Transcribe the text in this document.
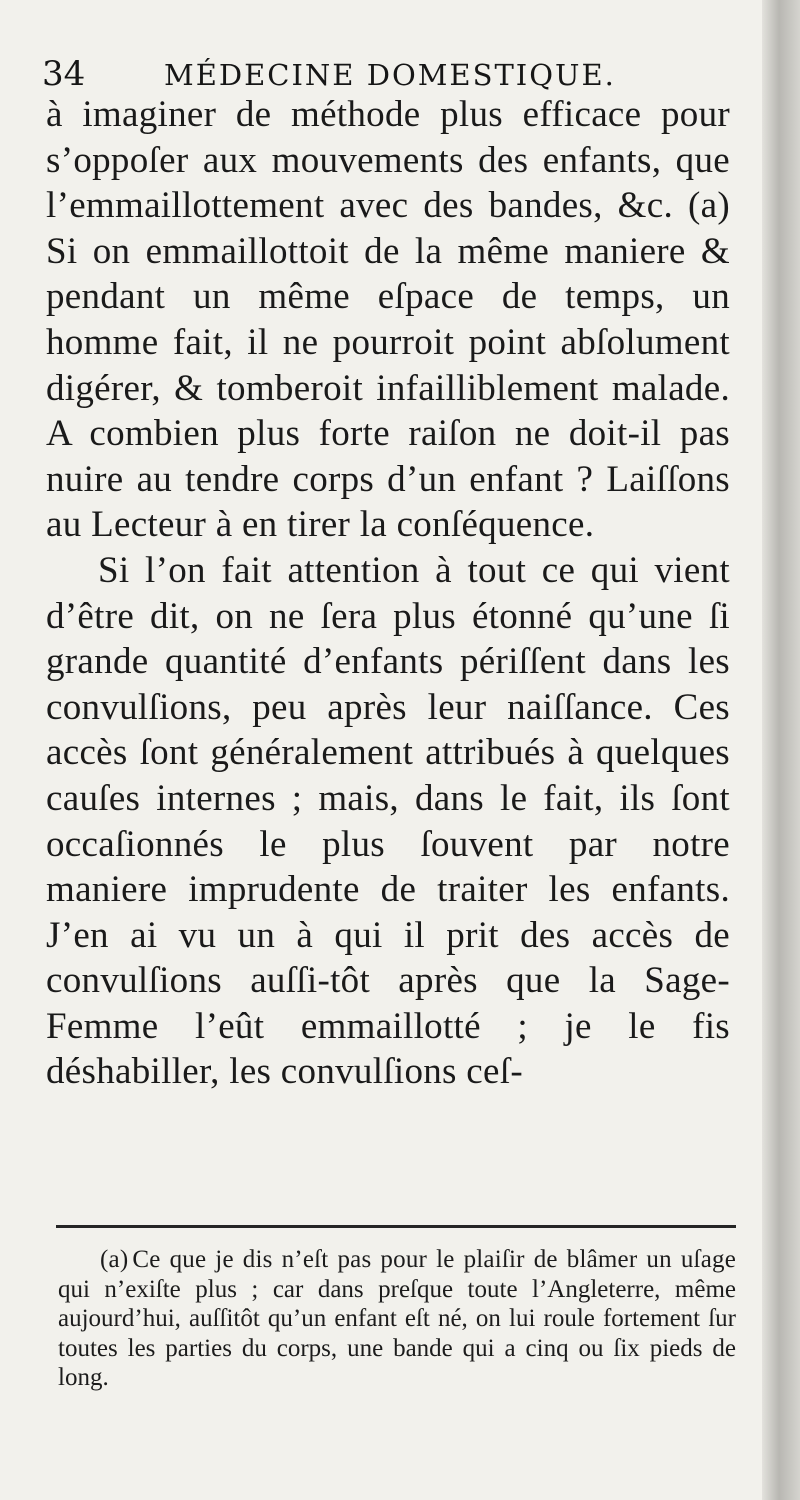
34	MÉDECINE DOMESTIQUE.

à imaginer de méthode plus efficace pour s’oppoſer aux mouvements des enfants, que l’emmaillottement avec des bandes, &c. (a) Si on emmaillottoit de la même maniere & pendant un même eſpace de temps, un homme fait, il ne pourroit point abſolument digérer, & tomberoit infailliblement malade. A combien plus forte raiſon ne doit-il pas nuire au tendre corps d’un enfant ? Laiſſons au Lecteur à en tirer la conſéquence.

Si l’on fait attention à tout ce qui vient d’être dit, on ne ſera plus étonné qu’une ſi grande quantité d’enfants périſſent dans les convulſions, peu après leur naiſſance. Ces accès ſont généralement attribués à quelques cauſes internes ; mais, dans le fait, ils ſont occaſionnés le plus ſouvent par notre maniere imprudente de traiter les enfants. J’en ai vu un à qui il prit des accès de convulſions auſſi-tôt après que la Sage-Femme l’eût emmaillotté ; je le fis déshabiller, les convulſions ceſ-

(a) Ce que je dis n’eſt pas pour le plaiſir de blâmer un uſage qui n’exiſte plus ; car dans preſque toute l’Angleterre, même aujourd’hui, auſſitôt qu’un enfant eſt né, on lui roule fortement ſur toutes les parties du corps, une bande qui a cinq ou ſix pieds de long.
